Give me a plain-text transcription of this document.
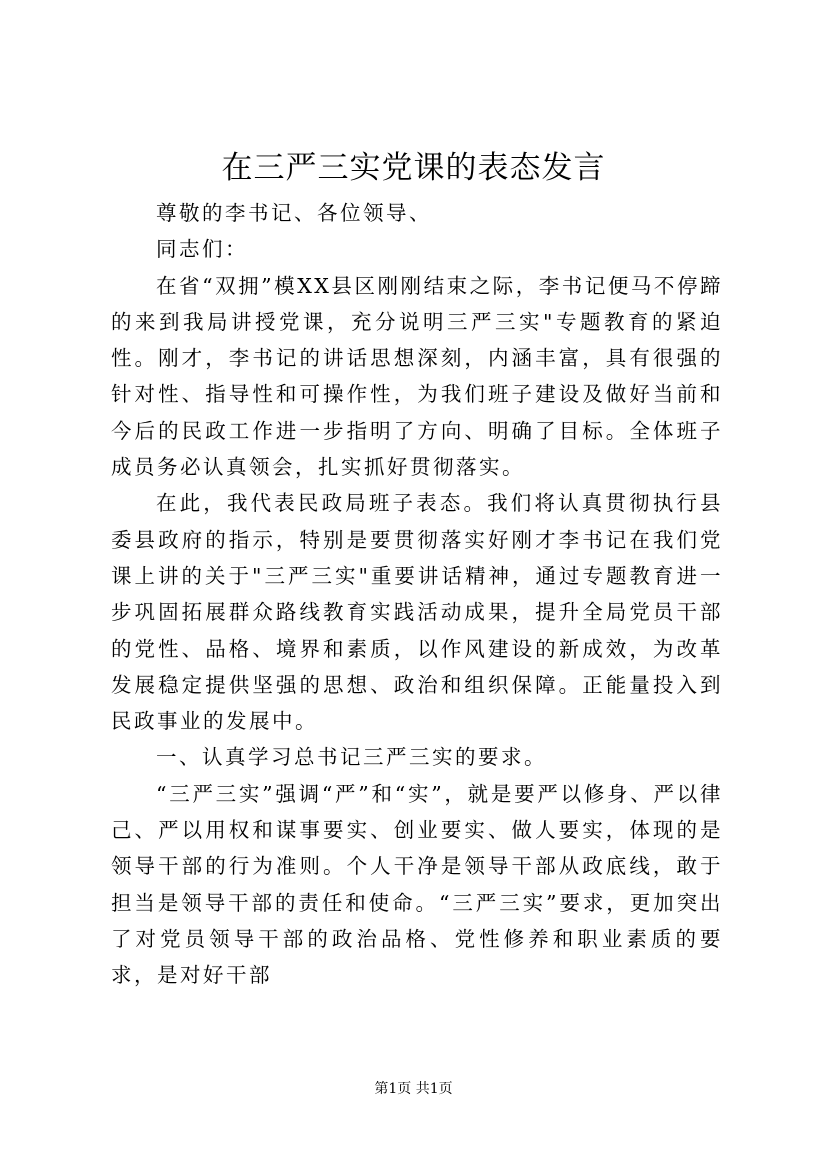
在三严三实党课的表态发言

尊敬的李书记、各位领导、

同志们：

在省“双拥”模XX县区刚刚结束之际，李书记便马不停蹄的来到我局讲授党课，充分说明三严三实"专题教育的紧迫性。刚才，李书记的讲话思想深刻，内涵丰富，具有很强的针对性、指导性和可操作性，为我们班子建设及做好当前和今后的民政工作进一步指明了方向、明确了目标。全体班子成员务必认真领会，扎实抓好贯彻落实。

在此，我代表民政局班子表态。我们将认真贯彻执行县委县政府的指示，特别是要贯彻落实好刚才李书记在我们党课上讲的关于"三严三实"重要讲话精神，通过专题教育进一步巩固拓展群众路线教育实践活动成果，提升全局党员干部的党性、品格、境界和素质，以作风建设的新成效，为改革发展稳定提供坚强的思想、政治和组织保障。正能量投入到民政事业的发展中。

一、认真学习总书记三严三实的要求。

“三严三实”强调“严”和“实”，就是要严以修身、严以律己、严以用权和谋事要实、创业要实、做人要实，体现的是领导干部的行为准则。个人干净是领导干部从政底线，敢于担当是领导干部的责任和使命。“三严三实”要求，更加突出了对党员领导干部的政治品格、党性修养和职业素质的要求，是对好干部

第1页 共1页
